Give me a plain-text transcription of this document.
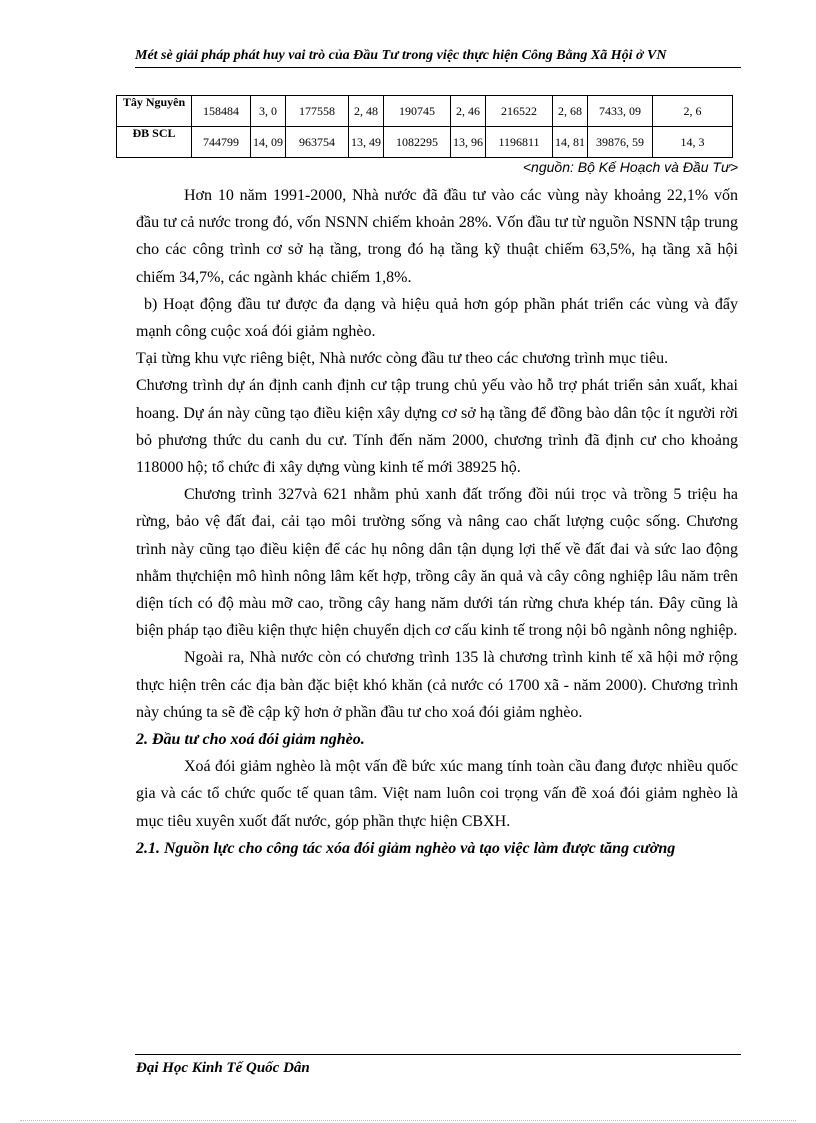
Mét sè giải pháp phát huy vai trò của Đầu Tư trong việc thực hiện Công Bằng Xã Hội ở VN
Tây Nguyên	158484	3, 0	177558	2, 48	190745	2, 46	216522	2, 68	7433, 09	2, 6
ĐB SCL	744799	14, 09	963754	13, 49	1082295	13, 96	1196811	14, 81	39876, 59	14, 3
<nguồn: Bộ Kế Hoạch và Đầu Tư>

Hơn 10 năm 1991-2000, Nhà nước đã đầu tư vào các vùng này khoảng 22,1% vốn đầu tư cả nước trong đó, vốn NSNN chiếm khoản 28%. Vốn đầu tư từ nguồn NSNN tập trung cho các công trình cơ sở hạ tầng, trong đó hạ tầng kỹ thuật chiếm 63,5%, hạ tầng xã hội chiếm 34,7%, các ngành khác chiếm 1,8%.

b) Hoạt động đầu tư được đa dạng và hiệu quả hơn góp phần phát triển các vùng và đẩy mạnh công cuộc xoá đói giảm nghèo.

Tại từng khu vực riêng biệt, Nhà nước còng đầu tư theo các chương trình mục tiêu.

Chương trình dự án định canh định cư tập trung chủ yếu vào hỗ trợ phát triển sản xuất, khai hoang. Dự án này cũng tạo điều kiện xây dựng cơ sở hạ tầng để đồng bào dân tộc ít người rời bỏ phương thức du canh du cư. Tính đến năm 2000, chương trình đã định cư cho khoảng 118000 hộ; tổ chức đi xây dựng vùng kinh tế mới 38925 hộ.

Chương trình 327và 621 nhằm phủ xanh đất trống đồi núi trọc và trồng 5 triệu ha rừng, bảo vệ đất đai, cải tạo môi trường sống và nâng cao chất lượng cuộc sống. Chương trình này cũng tạo điều kiện để các hụ nông dân tận dụng lợi thế về đất đai và sức lao động nhằm thựchiện mô hình nông lâm kết hợp, trồng cây ăn quả và cây công nghiệp lâu năm trên diện tích có độ màu mỡ cao, trồng cây hang năm dưới tán rừng chưa khép tán. Đây cũng là biện pháp tạo điều kiện thực hiện chuyển dịch cơ cấu kinh tế trong nội bô ngành nông nghiệp.

Ngoài ra, Nhà nước còn có chương trình 135 là chương trình kinh tế xã hội mở rộng thực hiện trên các địa bàn đặc biệt khó khăn (cả nước có 1700 xã - năm 2000). Chương trình này chúng ta sẽ đề cập kỹ hơn ở phần đầu tư cho xoá đói giảm nghèo.

2. Đầu tư cho xoá đói giảm nghèo.

Xoá đói giảm nghèo là một vấn đề bức xúc mang tính toàn cầu đang được nhiều quốc gia và các tổ chức quốc tế quan tâm. Việt nam luôn coi trọng vấn đề xoá đói giảm nghèo là mục tiêu xuyên xuốt đất nước, góp phần thực hiện CBXH.

2.1. Nguồn lực cho công tác xóa đói giảm nghèo và tạo việc làm được tăng cường

Đại Học Kinh Tế Quốc Dân
